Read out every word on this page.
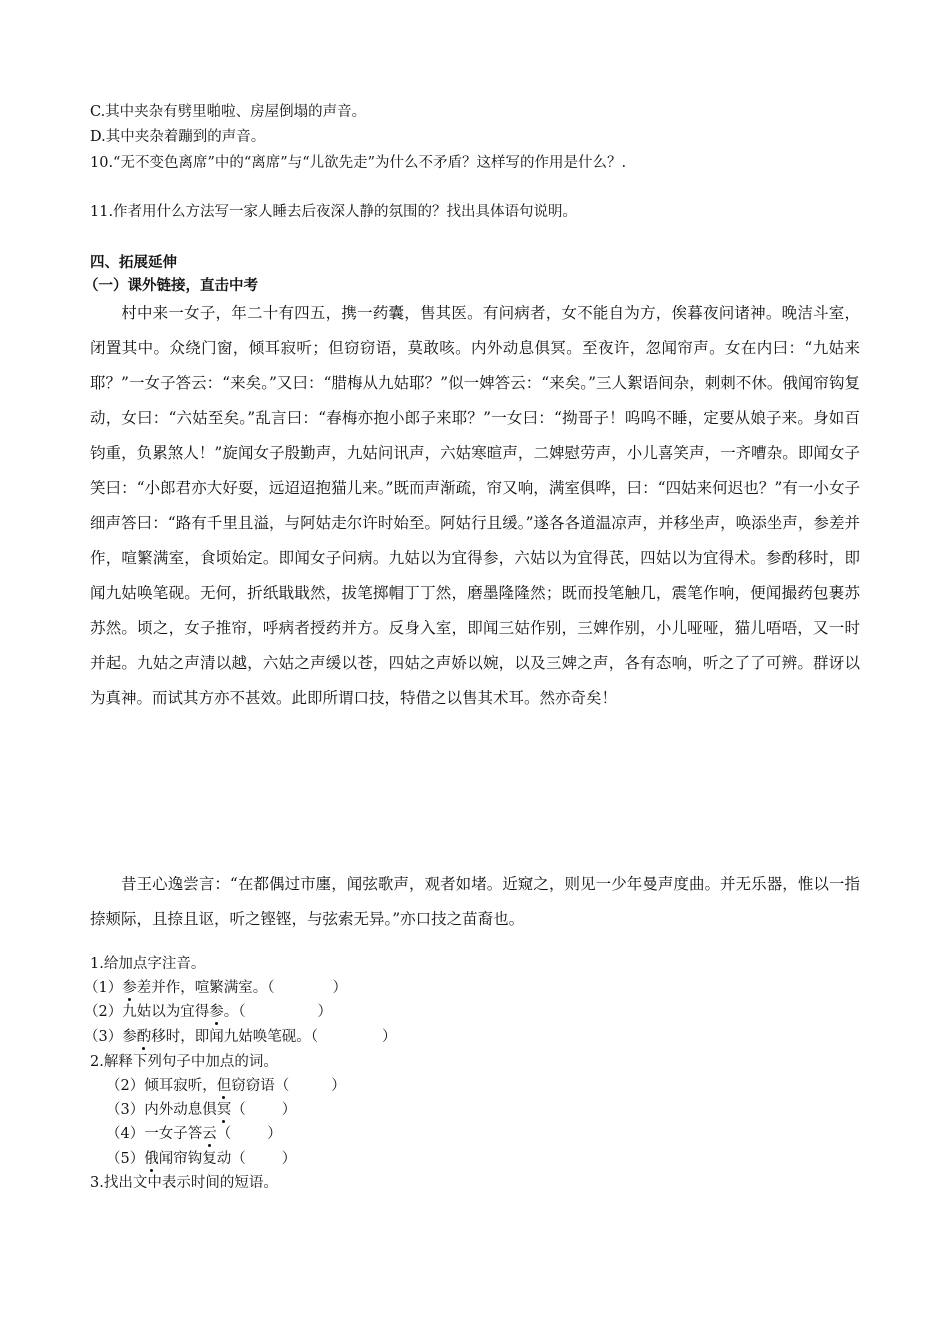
C.其中夹杂有劈里啪啦、房屋倒塌的声音。
D.其中夹杂着蹦到的声音。
10.“无不变色离席”中的“离席”与“儿欲先走”为什么不矛盾？这样写的作用是什么？.
11.作者用什么方法写一家人睡去后夜深人静的氛围的？找出具体语句说明。
四、拓展延伸
（一）课外链接，直击中考
村中来一女子，年二十有四五，携一药囊，售其医。有问病者，女不能自为方，俟暮夜问诸神。晚洁斗室，闭置其中。众绕门窗，倾耳寂听；但窃窃语，莫敢咳。内外动息俱冥。至夜许，忽闻帘声。女在内曰：“九姑来耶？”一女子答云：“来矣。”又曰：“腊梅从九姑耶？”似一婢答云：“来矣。”三人絮语间杂，刺刺不休。俄闻帘钩复动，女曰：“六姑至矣。”乱言曰：“春梅亦抱小郎子来耶？”一女曰：“拗哥子！呜呜不睡，定要从娘子来。身如百钧重，负累煞人！”旋闻女子殷勤声，九姑问讯声，六姑寒暄声，二婢慰劳声，小儿喜笑声，一齐嘈杂。即闻女子笑曰：“小郎君亦大好耍，远迢迢抱猫儿来。”既而声渐疏，帘又响，满室俱哗，曰：“四姑来何迟也？”有一小女子细声答曰：“路有千里且溢，与阿姑走尔许时始至。阿姑行且缓。”遂各各道温凉声，并移坐声，唤添坐声，参差并作，喧繁满室，食顷始定。即闻女子问病。九姑以为宜得参，六姑以为宜得芪，四姑以为宜得术。参酌移时，即闻九姑唤笔砚。无何，折纸戢戢然，拔笔掷帽丁丁然，磨墨隆隆然；既而投笔触几，震笔作响，便闻撮药包裹苏苏然。顷之，女子推帘，呼病者授药并方。反身入室，即闻三姑作别，三婢作别，小儿哑哑，猫儿唔唔，又一时并起。九姑之声清以越，六姑之声缓以苍，四姑之声娇以婉，以及三婢之声，各有态响，听之了了可辨。群讶以为真神。而试其方亦不甚效。此即所谓口技，特借之以售其术耳。然亦奇矣！
昔王心逸尝言：“在都偶过市廛，闻弦歌声，观者如堵。近窥之，则见一少年曼声度曲。并无乐器，惟以一指捺颊际，且捺且讴，听之铿铿，与弦索无异。”亦口技之苗裔也。
1.给加点字注音。
（1）参差并作，喧繁满室。（	）
（2）九姑以为宜得参。（	）
（3）参酌移时，即闻九姑唤笔砚。（	）
2.解释下列句子中加点的词。
（2）倾耳寂听，但窃窃语（	）
（3）内外动息俱冥（ ）
（4）一女子答云（ ）
（5）俄闻帘钩复动（ ）
3.找出文中表示时间的短语。
